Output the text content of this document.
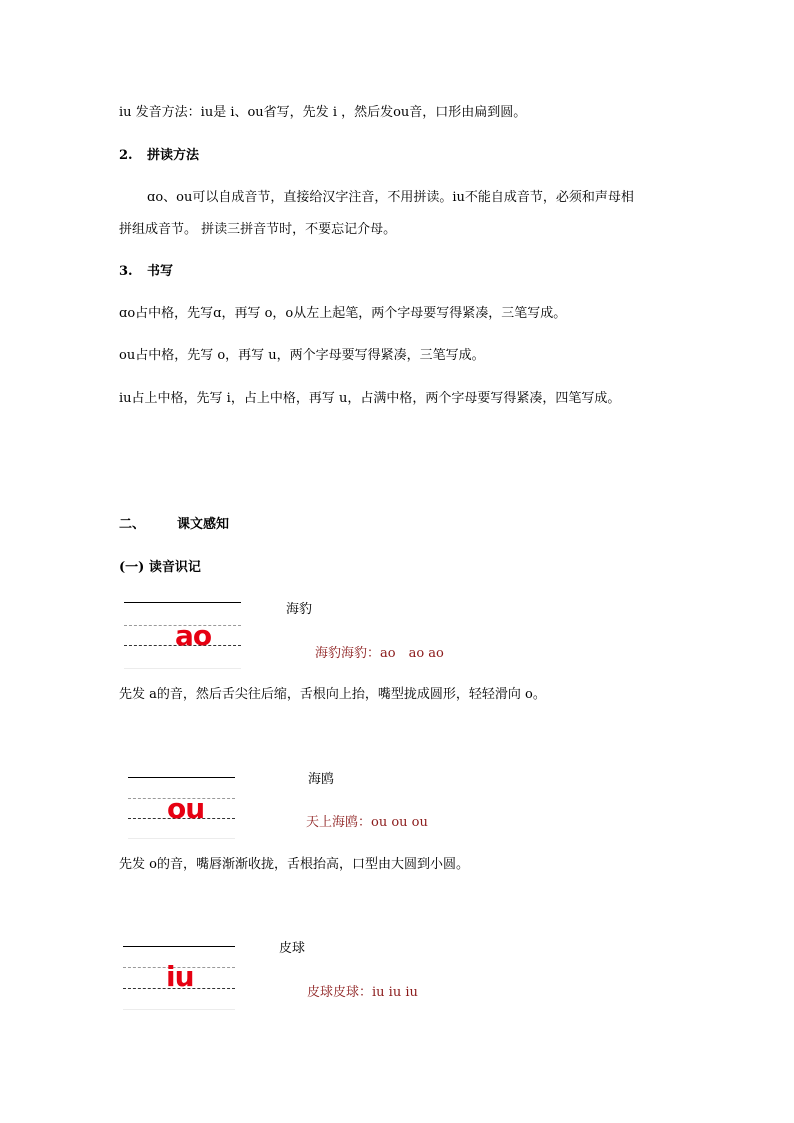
iu 发音方法：iu是 i、ou省写，先发 i ，然后发ou音，口形由扁到圆。
2. 拼读方法
ɑo、ou可以自成音节，直接给汉字注音，不用拼读。iu不能自成音节，必须和声母相
拼组成音节。 拼读三拼音节时，不要忘记介母。
3. 书写
ɑo占中格，先写ɑ，再写 o，o从左上起笔，两个字母要写得紧凑，三笔写成。
ou占中格，先写 o，再写 u，两个字母要写得紧凑，三笔写成。
iu占上中格，先写 i，占上中格，再写 u，占满中格，两个字母要写得紧凑，四笔写成。
二、 课文感知
(一) 读音识记
ao
海豹
海豹海豹：ao　ao ao
先发 a的音，然后舌尖往后缩，舌根向上抬，嘴型拢成圆形，轻轻滑向 o。
ou
海鸥
天上海鸥：ou ou ou
先发 o的音，嘴唇渐渐收拢，舌根抬高，口型由大圆到小圆。
iu
皮球
皮球皮球：iu iu iu
